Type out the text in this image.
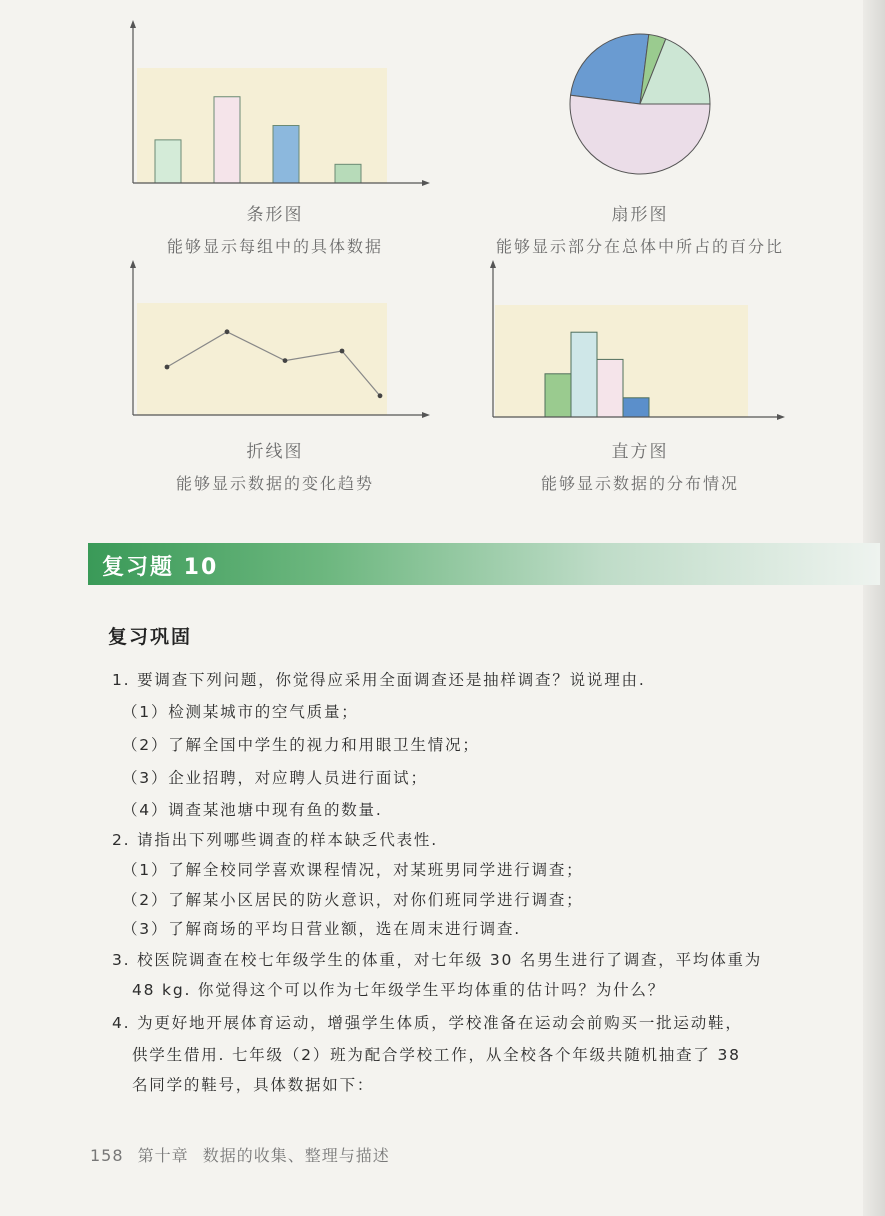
条形图
能够显示每组中的具体数据
扇形图
能够显示部分在总体中所占的百分比
折线图
能够显示数据的变化趋势
直方图
能够显示数据的分布情况
复习题 10
复习巩固
1. 要调查下列问题，你觉得应采用全面调查还是抽样调查？说说理由.
（1）检测某城市的空气质量；
（2）了解全国中学生的视力和用眼卫生情况；
（3）企业招聘，对应聘人员进行面试；
（4）调查某池塘中现有鱼的数量.
2. 请指出下列哪些调查的样本缺乏代表性.
（1）了解全校同学喜欢课程情况，对某班男同学进行调查；
（2）了解某小区居民的防火意识，对你们班同学进行调查；
（3）了解商场的平均日营业额，选在周末进行调查.
3. 校医院调查在校七年级学生的体重，对七年级 30 名男生进行了调查，平均体重为
48 kg. 你觉得这个可以作为七年级学生平均体重的估计吗？为什么？
4. 为更好地开展体育运动，增强学生体质，学校准备在运动会前购买一批运动鞋，
供学生借用. 七年级（2）班为配合学校工作，从全校各个年级共随机抽查了 38
名同学的鞋号，具体数据如下：
158 第十章 数据的收集、整理与描述
